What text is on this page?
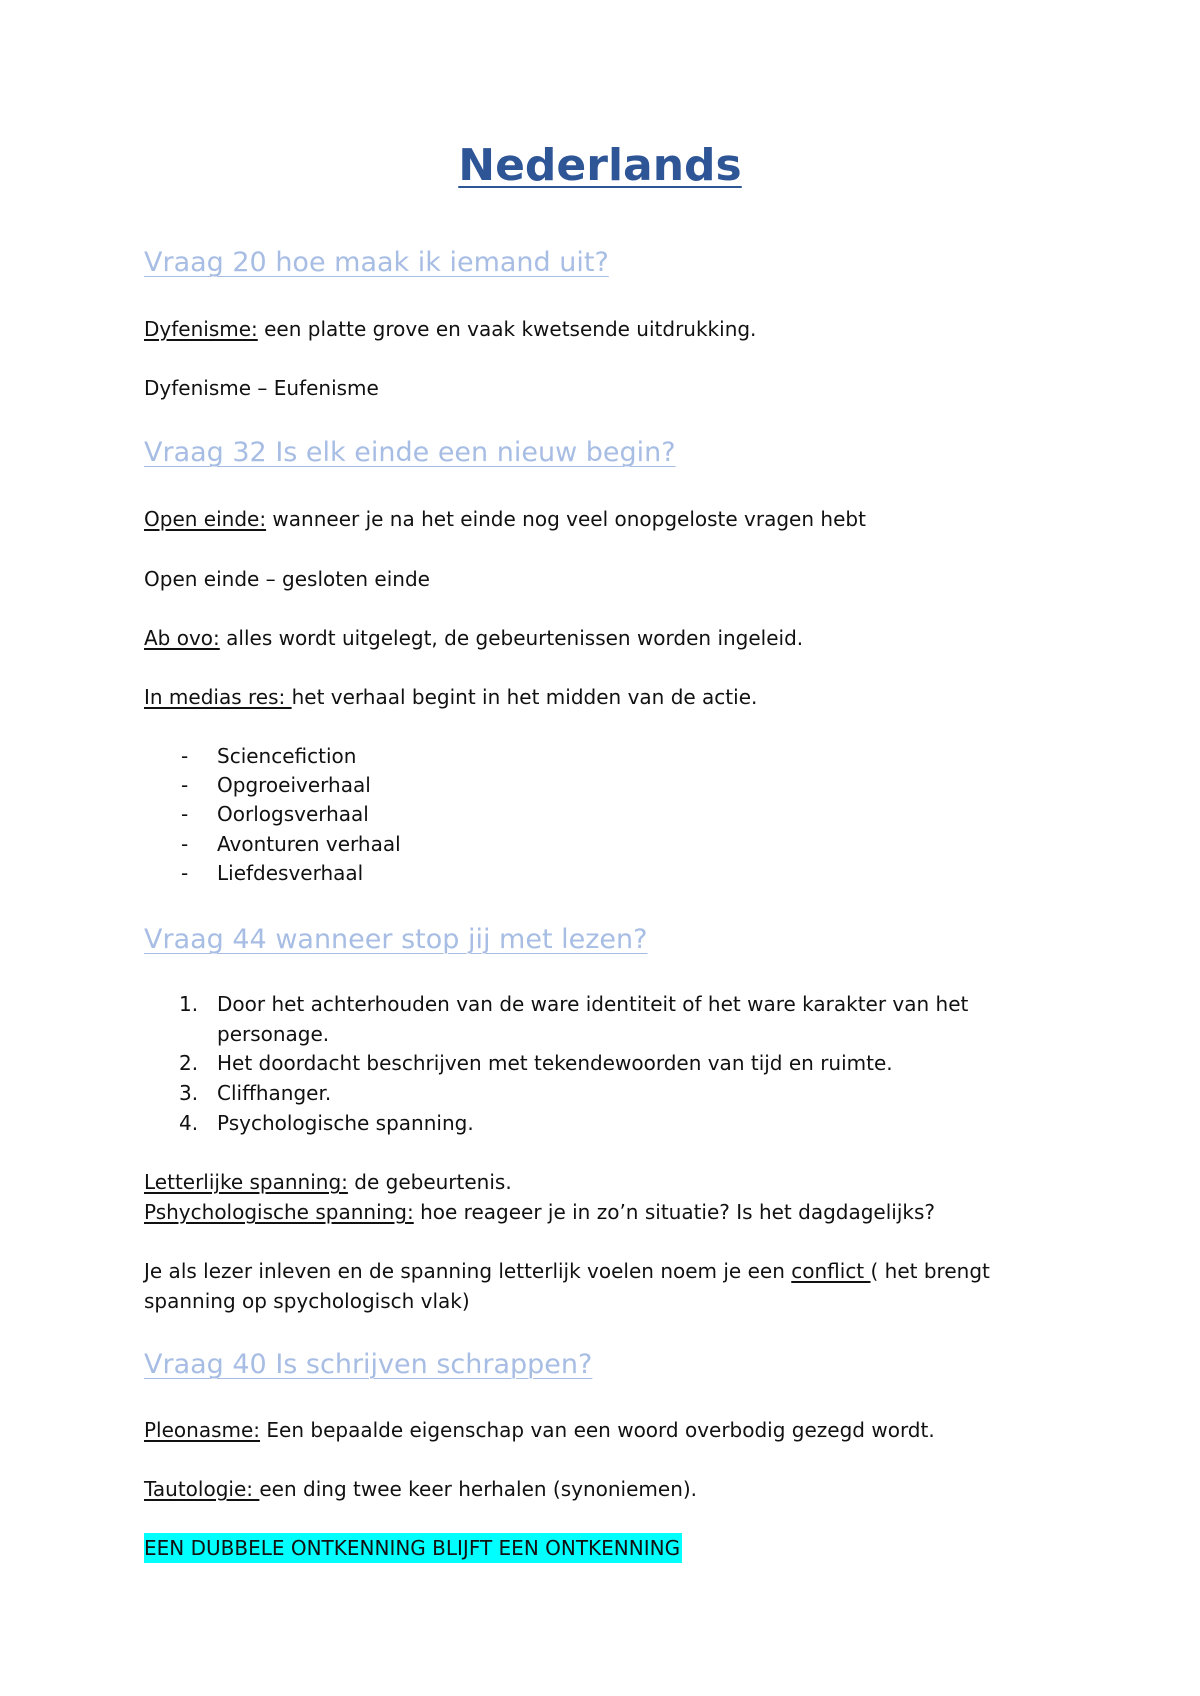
Nederlands
Vraag 20 hoe maak ik iemand uit?
Dyfenisme: een platte grove en vaak kwetsende uitdrukking.
Dyfenisme – Eufenisme
Vraag 32 Is elk einde een nieuw begin?
Open einde: wanneer je na het einde nog veel onopgeloste vragen hebt
Open einde – gesloten einde
Ab ovo: alles wordt uitgelegt, de gebeurtenissen worden ingeleid.
In medias res: het verhaal begint in het midden van de actie.
-	Sciencefiction
-	Opgroeiverhaal
-	Oorlogsverhaal
-	Avonturen verhaal
-	Liefdesverhaal
Vraag 44 wanneer stop jij met lezen?
1. Door het achterhouden van de ware identiteit of het ware karakter van het
personage.
2. Het doordacht beschrijven met tekendewoorden van tijd en ruimte.
3. Cliffhanger.
4. Psychologische spanning.
Letterlijke spanning: de gebeurtenis.
Pshychologische spanning: hoe reageer je in zo’n situatie? Is het dagdagelijks?
Je als lezer inleven en de spanning letterlijk voelen noem je een conflict ( het brengt
spanning op spychologisch vlak)
Vraag 40 Is schrijven schrappen?
Pleonasme: Een bepaalde eigenschap van een woord overbodig gezegd wordt.
Tautologie: een ding twee keer herhalen (synoniemen).
EEN DUBBELE ONTKENNING BLIJFT EEN ONTKENNING
